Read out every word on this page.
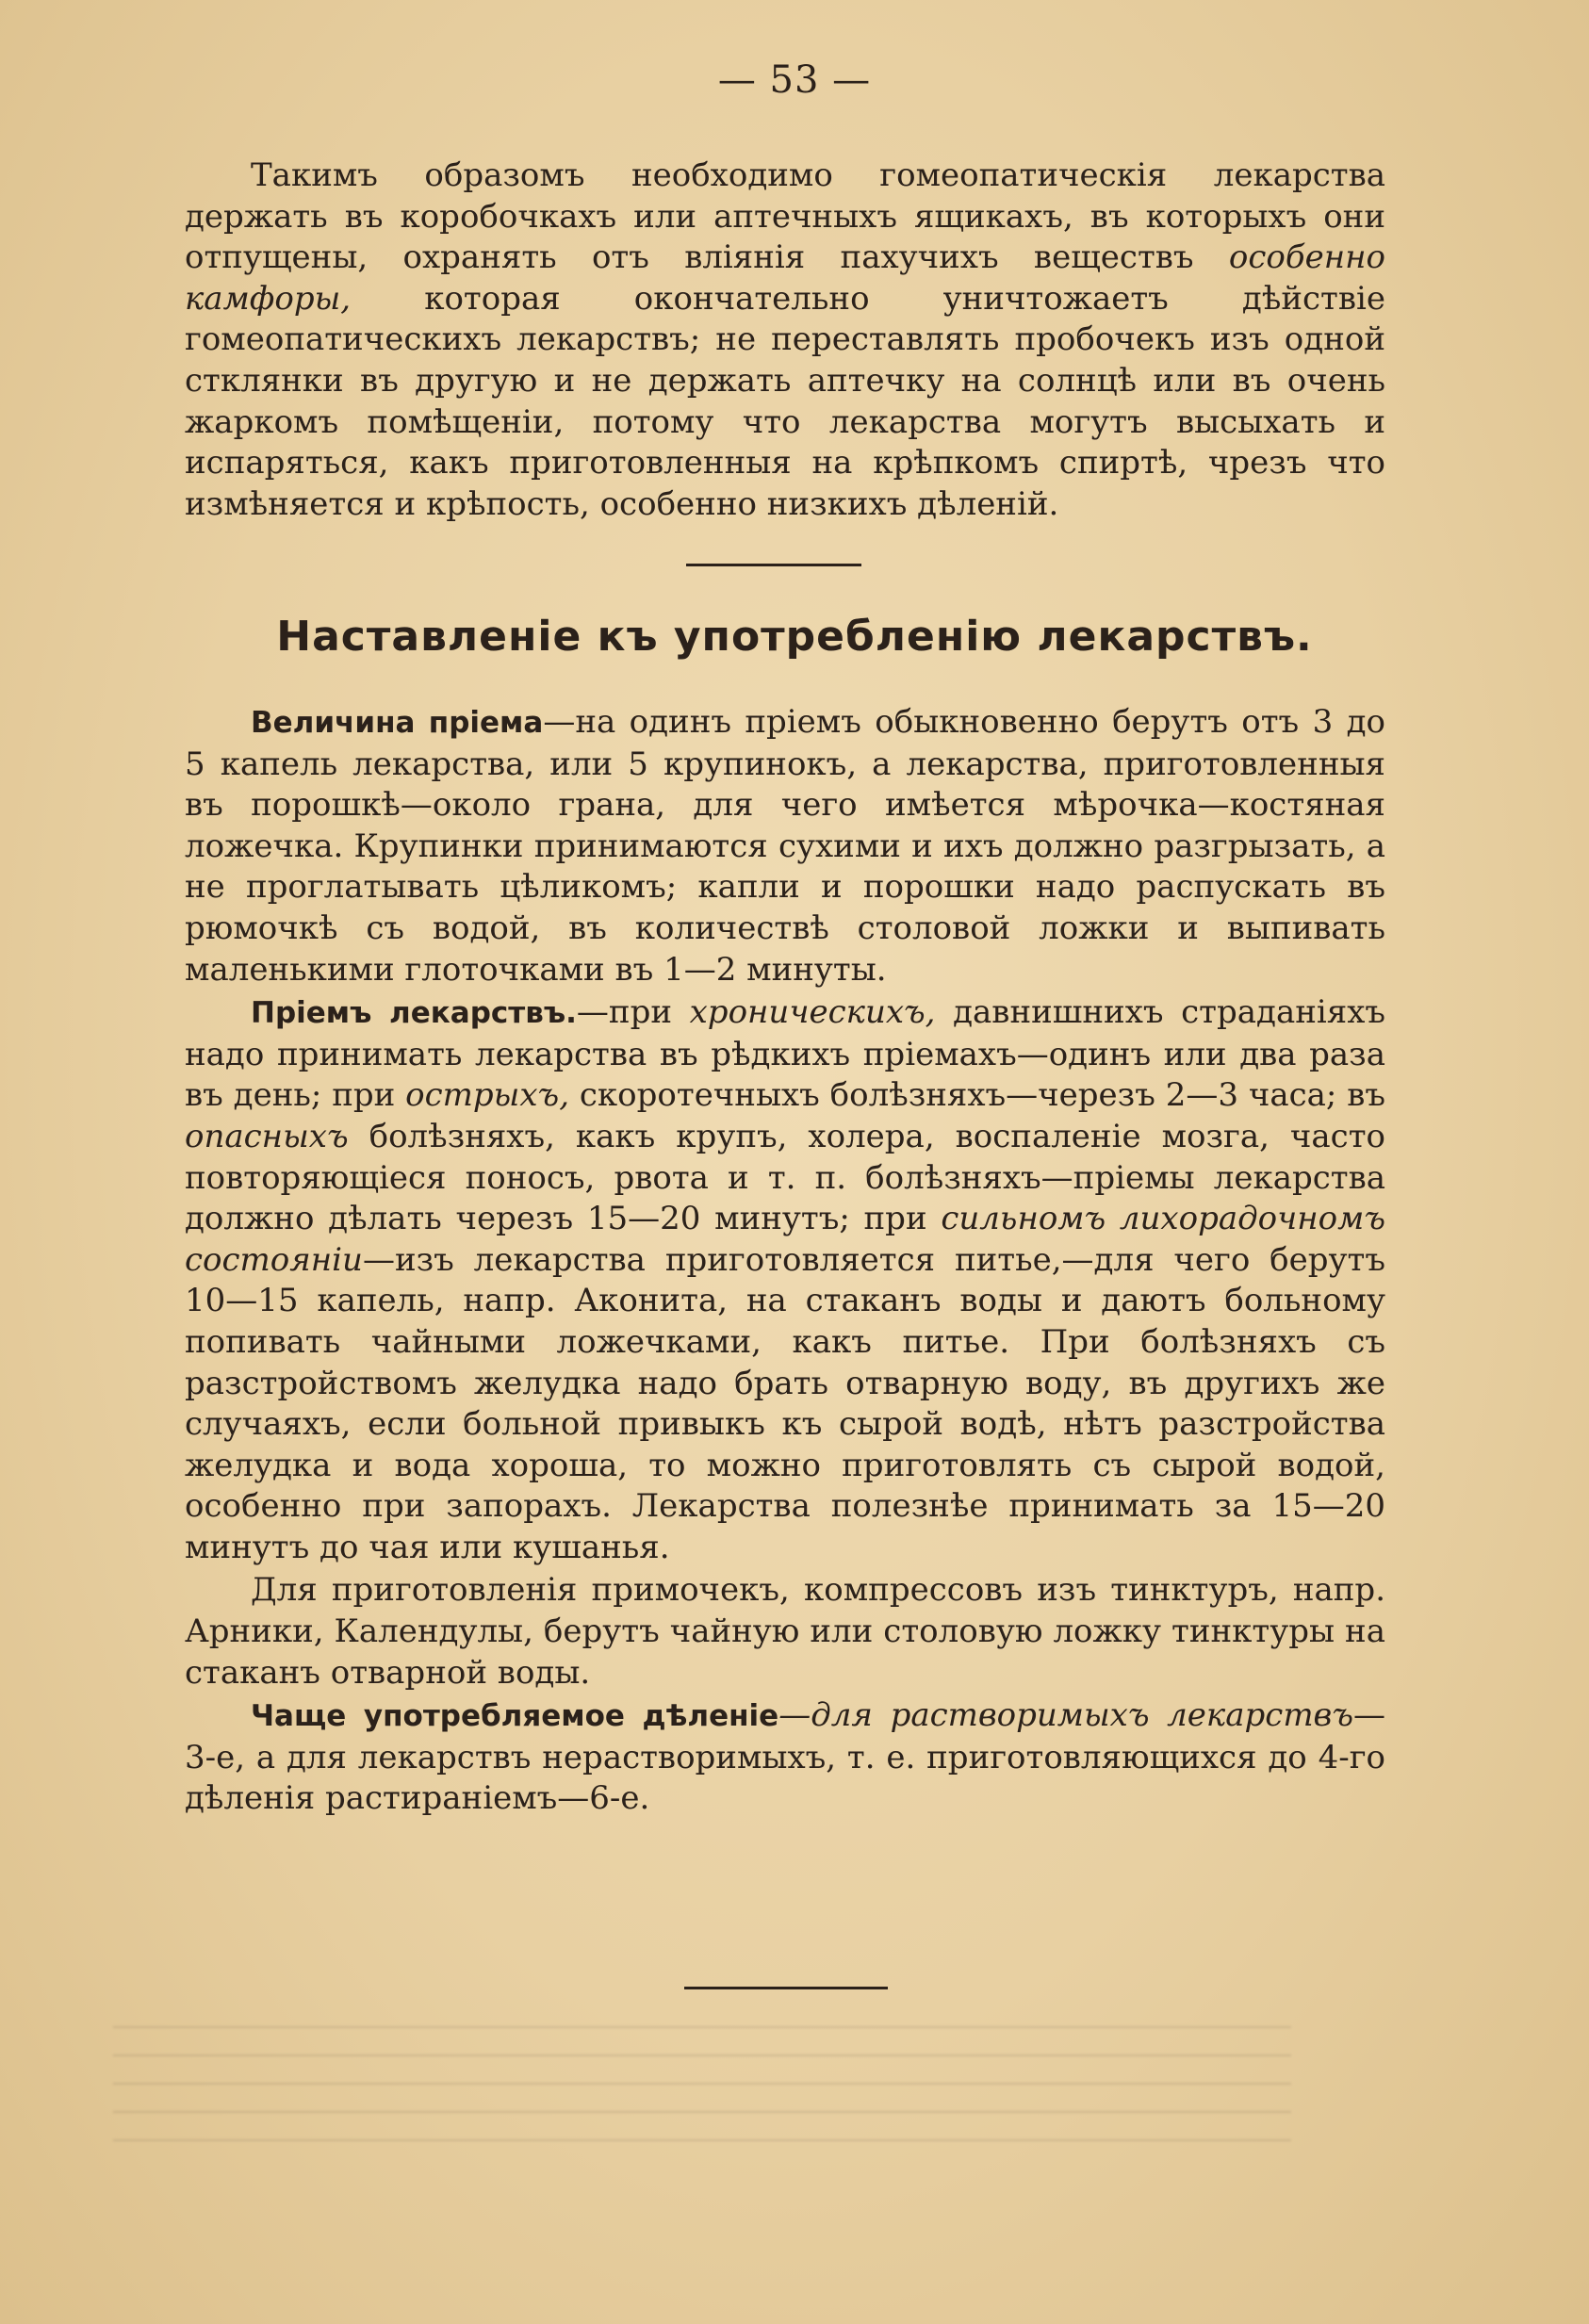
— 53 —

Такимъ образомъ необходимо гомеопатическія лекарства держать въ коробочкахъ или аптечныхъ ящикахъ, въ которыхъ они отпущены, охранять отъ вліянія пахучихъ веществъ особенно камфоры, которая окончательно уничтожаетъ дѣйствіе гомеопатическихъ лекарствъ; не переставлять пробочекъ изъ одной стклянки въ другую и не держать аптечку на солнцѣ или въ очень жаркомъ помѣщеніи, потому что лекарства могутъ высыхать и испаряться, какъ приготовленныя на крѣпкомъ спиртѣ, чрезъ что измѣняется и крѣпость, особенно низкихъ дѣленій.

Наставленіе къ употребленію лекарствъ.

Величина пріема—на одинъ пріемъ обыкновенно берутъ отъ 3 до 5 капель лекарства, или 5 крупинокъ, а лекарства, приготовленныя въ порошкѣ—около грана, для чего имѣется мѣрочка—костяная ложечка. Крупинки принимаются сухими и ихъ должно разгрызать, а не проглатывать цѣликомъ; капли и порошки надо распускать въ рюмочкѣ съ водой, въ количествѣ столовой ложки и выпивать маленькими глоточками въ 1—2 минуты.

Пріемъ лекарствъ.—при хроническихъ, давнишнихъ страданіяхъ надо принимать лекарства въ рѣдкихъ пріемахъ—одинъ или два раза въ день; при острыхъ, скоротечныхъ болѣзняхъ—черезъ 2—3 часа; въ опасныхъ болѣзняхъ, какъ крупъ, холера, воспаленіе мозга, часто повторяющіеся поносъ, рвота и т. п. болѣзняхъ—пріемы лекарства должно дѣлать черезъ 15—20 минутъ; при сильномъ лихорадочномъ состояніи—изъ лекарства приготовляется питье,—для чего берутъ 10—15 капель, напр. Аконита, на стаканъ воды и даютъ больному попивать чайными ложечками, какъ питье. При болѣзняхъ съ разстройствомъ желудка надо брать отварную воду, въ другихъ же случаяхъ, если больной привыкъ къ сырой водѣ, нѣтъ разстройства желудка и вода хороша, то можно приготовлять съ сырой водой, особенно при запорахъ. Лекарства полезнѣе принимать за 15—20 минутъ до чая или кушанья.

Для приготовленія примочекъ, компрессовъ изъ тинктуръ, напр. Арники, Календулы, берутъ чайную или столовую ложку тинктуры на стаканъ отварной воды.

Чаще употребляемое дѣленіе—для растворимыхъ лекарствъ—3-е, а для лекарствъ нерастворимыхъ, т. е. приготовляющихся до 4-го дѣленія растираніемъ—6-е.
